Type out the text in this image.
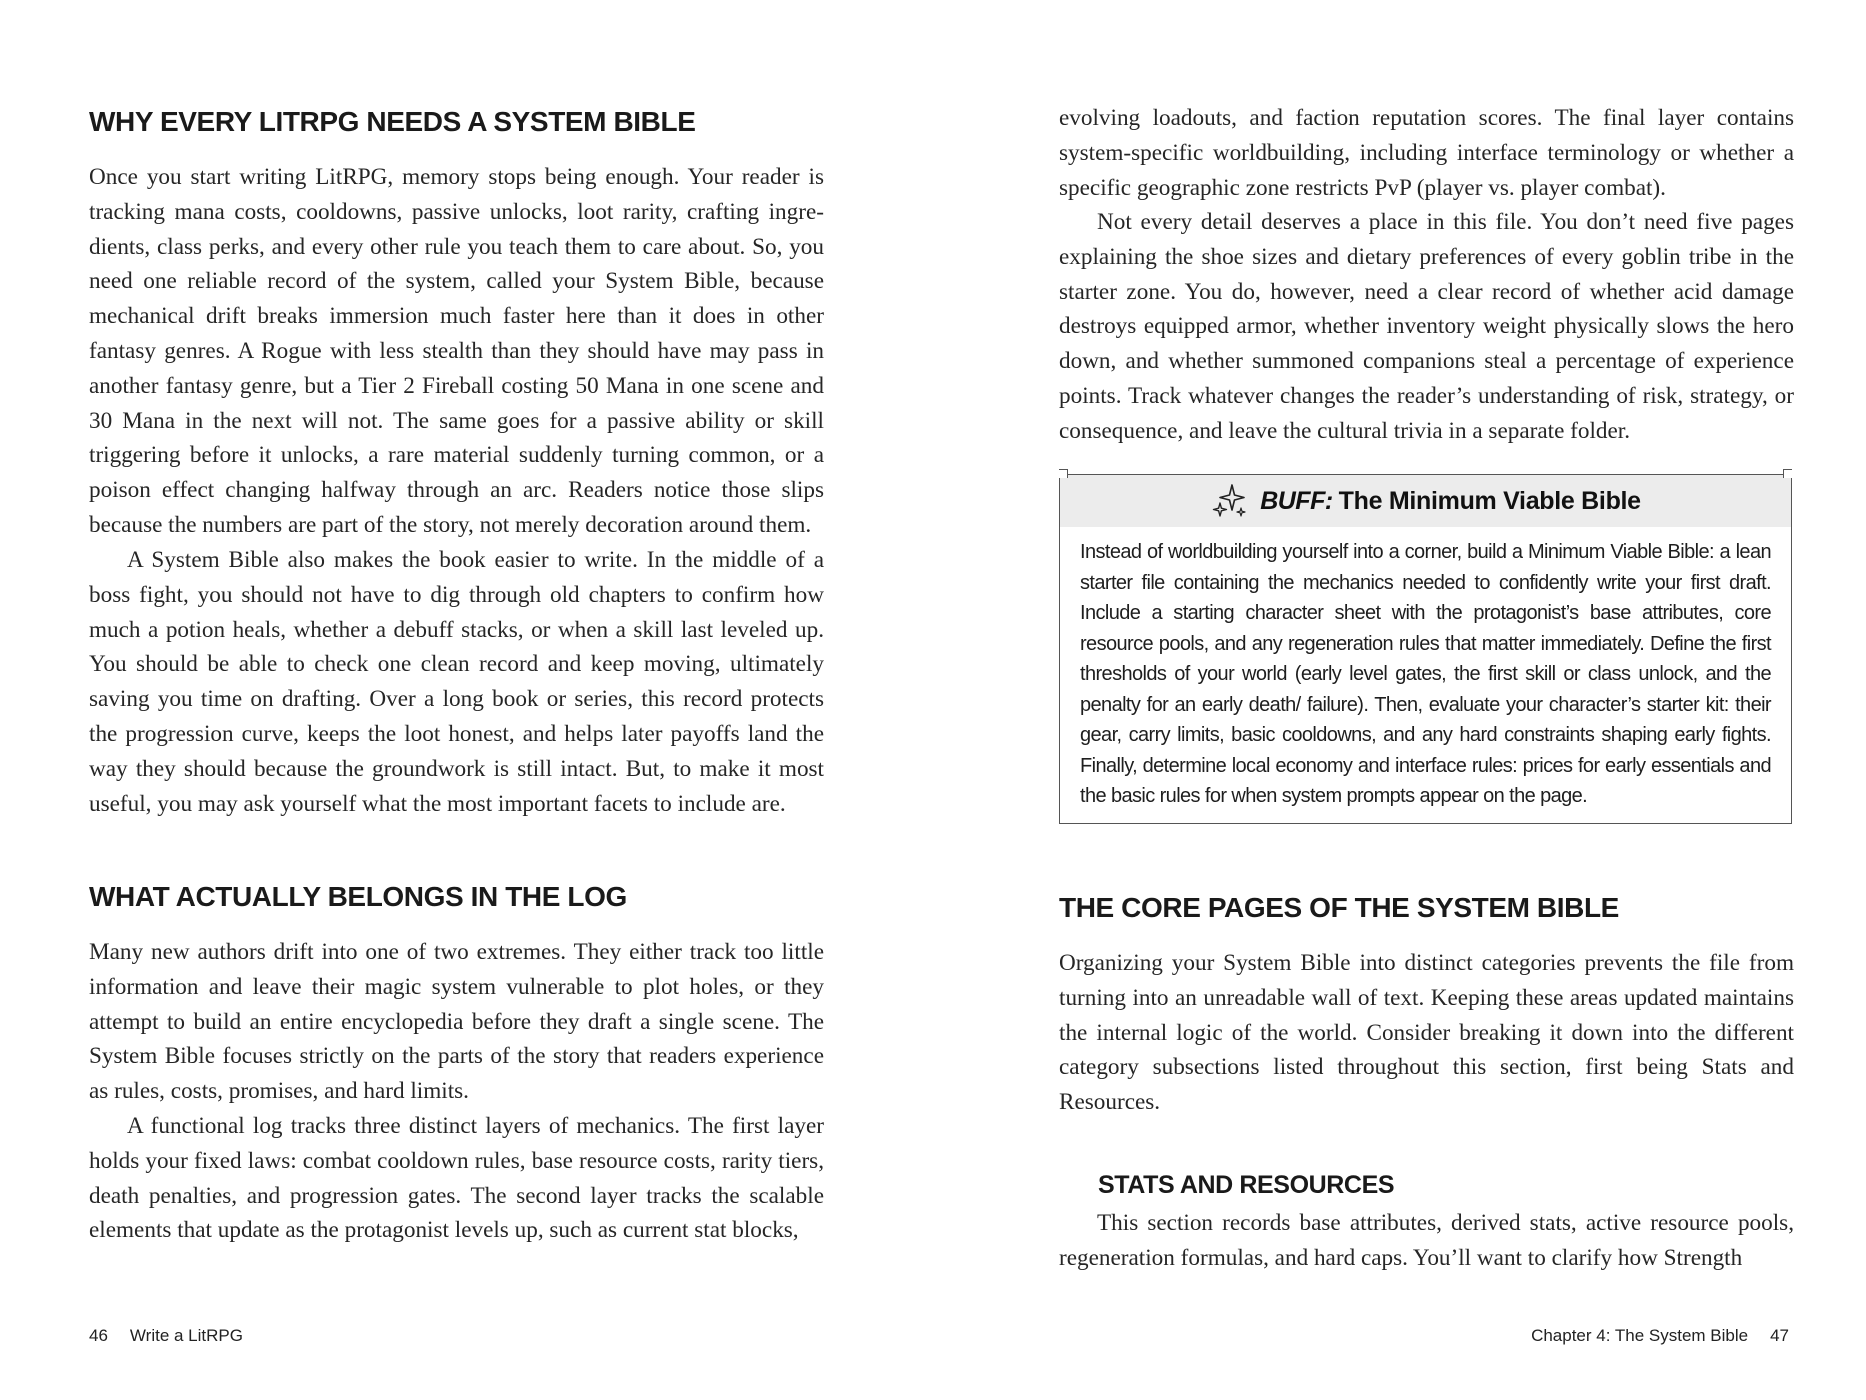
WHY EVERY LITRPG NEEDS A SYSTEM BIBLE

Once you start writing LitRPG, memory stops being enough. Your reader is tracking mana costs, cooldowns, passive unlocks, loot rarity, crafting ingredients, class perks, and every other rule you teach them to care about. So, you need one reliable record of the system, called your System Bible, because mechanical drift breaks immersion much faster here than it does in other fantasy genres. A Rogue with less stealth than they should have may pass in another fantasy genre, but a Tier 2 Fireball costing 50 Mana in one scene and 30 Mana in the next will not. The same goes for a passive ability or skill triggering before it unlocks, a rare material suddenly turning common, or a poison effect changing halfway through an arc. Readers notice those slips because the numbers are part of the story, not merely decoration around them.

A System Bible also makes the book easier to write. In the middle of a boss fight, you should not have to dig through old chapters to confirm how much a potion heals, whether a debuff stacks, or when a skill last leveled up. You should be able to check one clean record and keep moving, ultimately saving you time on drafting. Over a long book or series, this record protects the progression curve, keeps the loot honest, and helps later payoffs land the way they should because the groundwork is still intact. But, to make it most useful, you may ask yourself what the most important facets to include are.

WHAT ACTUALLY BELONGS IN THE LOG

Many new authors drift into one of two extremes. They either track too little information and leave their magic system vulnerable to plot holes, or they attempt to build an entire encyclopedia before they draft a single scene. The System Bible focuses strictly on the parts of the story that readers experience as rules, costs, promises, and hard limits.

A functional log tracks three distinct layers of mechanics. The first layer holds your fixed laws: combat cooldown rules, base resource costs, rarity tiers, death penalties, and progression gates. The second layer tracks the scalable elements that update as the protagonist levels up, such as current stat blocks,

evolving loadouts, and faction reputation scores. The final layer contains system-specific worldbuilding, including interface terminology or whether a specific geographic zone restricts PvP (player vs. player combat).

Not every detail deserves a place in this file. You don’t need five pages explaining the shoe sizes and dietary preferences of every goblin tribe in the starter zone. You do, however, need a clear record of whether acid damage destroys equipped armor, whether inventory weight physically slows the hero down, and whether summoned companions steal a percentage of experience points. Track whatever changes the reader’s understanding of risk, strategy, or consequence, and leave the cultural trivia in a separate folder.

BUFF: The Minimum Viable Bible

Instead of worldbuilding yourself into a corner, build a Minimum Viable Bible: a lean starter file containing the mechanics needed to confidently write your first draft. Include a starting character sheet with the protagonist’s base attributes, core resource pools, and any regeneration rules that matter immediately. Define the first thresholds of your world (early level gates, the first skill or class unlock, and the penalty for an early death/ failure). Then, evaluate your character’s starter kit: their gear, carry limits, basic cooldowns, and any hard constraints shaping early fights. Finally, determine local economy and interface rules: prices for early essentials and the basic rules for when system prompts appear on the page.

THE CORE PAGES OF THE SYSTEM BIBLE

Organizing your System Bible into distinct categories prevents the file from turning into an unreadable wall of text. Keeping these areas updated maintains the internal logic of the world. Consider breaking it down into the different category subsections listed throughout this section, first being Stats and Resources.

STATS AND RESOURCES

This section records base attributes, derived stats, active resource pools, regeneration formulas, and hard caps. You’ll want to clarify how Strength

46 Write a LitRPG	Chapter 4: The System Bible 47
